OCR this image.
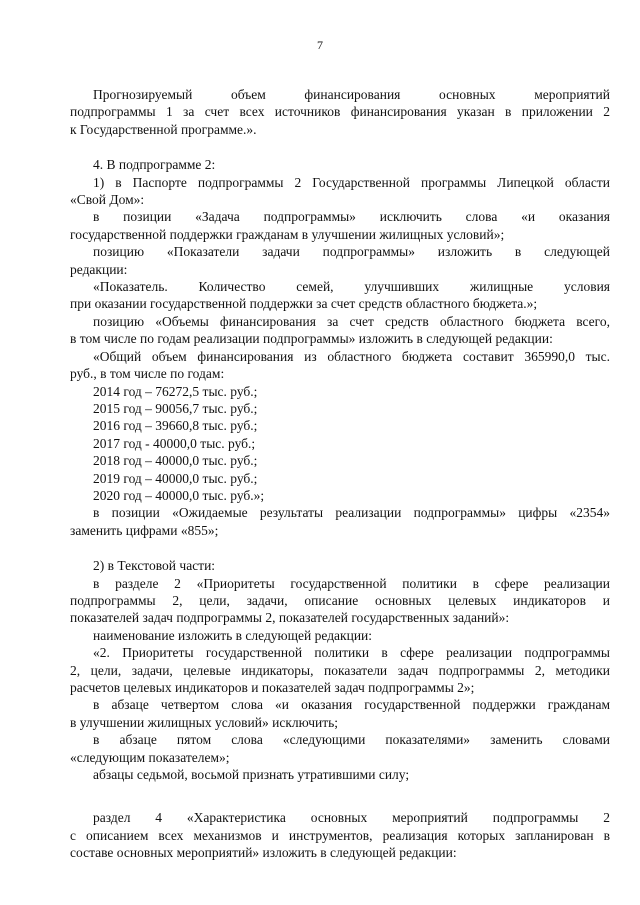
7

Прогнозируемый объем финансирования основных мероприятий

подпрограммы 1 за счет всех источников финансирования указан в приложении 2

к Государственной программе.».

4. В подпрограмме 2:

1) в Паспорте подпрограммы 2 Государственной программы Липецкой области

«Свой Дом»:

в позиции «Задача подпрограммы» исключить слова «и оказания

государственной поддержки гражданам в улучшении жилищных условий»;

позицию «Показатели задачи подпрограммы» изложить в следующей

редакции:

«Показатель. Количество семей, улучшивших жилищные условия

при оказании государственной поддержки за счет средств областного бюджета.»;

позицию «Объемы финансирования за счет средств областного бюджета всего,

в том числе по годам реализации подпрограммы» изложить в следующей редакции:

«Общий объем финансирования из областного бюджета составит 365990,0 тыс.

руб., в том числе по годам:

2014 год – 76272,5 тыс. руб.;

2015 год – 90056,7 тыс. руб.;

2016 год – 39660,8 тыс. руб.;

2017 год - 40000,0 тыс. руб.;

2018 год – 40000,0 тыс. руб.;

2019 год – 40000,0 тыс. руб.;

2020 год – 40000,0 тыс. руб.»;

в позиции «Ожидаемые результаты реализации подпрограммы» цифры «2354»

заменить цифрами «855»;

2) в Текстовой части:

в разделе 2 «Приоритеты государственной политики в сфере реализации

подпрограммы 2, цели, задачи, описание основных целевых индикаторов и

показателей задач подпрограммы 2, показателей государственных заданий»:

наименование изложить в следующей редакции:

«2. Приоритеты государственной политики в сфере реализации подпрограммы

2, цели, задачи, целевые индикаторы, показатели задач подпрограммы 2, методики

расчетов целевых индикаторов и показателей задач подпрограммы 2»;

в абзаце четвертом слова «и оказания государственной поддержки гражданам

в улучшении жилищных условий» исключить;

в абзаце пятом слова «следующими показателями» заменить словами

«следующим показателем»;

абзацы седьмой, восьмой признать утратившими силу;

раздел 4 «Характеристика основных мероприятий подпрограммы 2

с описанием всех механизмов и инструментов, реализация которых запланирован в

составе основных мероприятий» изложить в следующей редакции:
